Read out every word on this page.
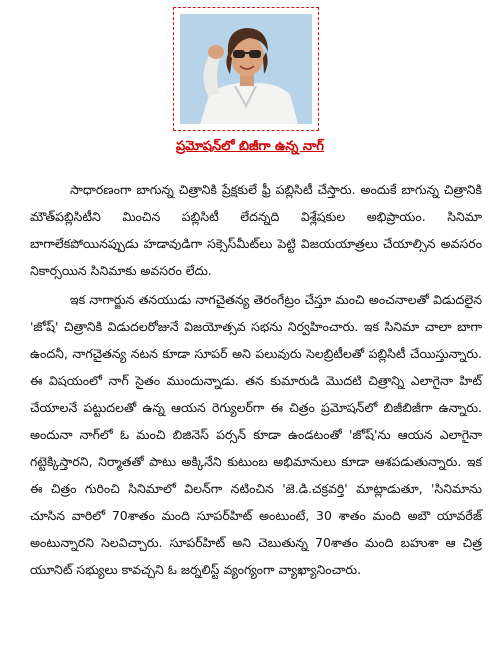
ప్రమోషన్‌లో బిజీగా ఉన్న నాగ్

సాధారణంగా బాగున్న చిత్రానికి ప్రేక్షకులే ఫ్రీ పబ్లిసిటీ చేస్తారు. అందుకే బాగున్న చిత్రానికి మౌత్‌పబ్లిసిటీని మించిన పబ్లిసిటీ లేదన్నది విశ్లేషకుల అభిప్రాయం. సినిమా బాగాలేకపోయినప్పుడు హడావుడిగా సక్సెస్‌మీట్‌లు పెట్టి విజయయాత్రలు చేయాల్సిన అవసరం నికార్సయిన సినిమాకు అవసరం లేదు.

ఇక నాగార్జున తనయుడు నాగచైతన్య తెరంగేట్రం చేస్తూ మంచి అంచనాలతో విడుదలైన 'జోష్' చిత్రానికి విడుదలరోజునే విజయోత్సవ సభను నిర్వహించారు. ఇక సినిమా చాలా బాగా ఉందనీ, నాగచైతన్య నటన కూడా సూపర్ అని పలువురు సెలబ్రిటీలతో పబ్లిసిటీ చేయిస్తున్నారు. ఈ విషయంలో నాగ్ సైతం ముందున్నాడు. తన కుమారుడి మొదటి చిత్రాన్ని ఎలాగైనా హిట్ చేయాలనే పట్టుదలతో ఉన్న ఆయన రెగ్యులర్‌గా ఈ చిత్రం ప్రమోషన్‌లో బిజీబిజీగా ఉన్నారు. అందునా నాగ్‌లో ఓ మంచి బిజినెస్ పర్సన్ కూడా ఉండటంతో 'జోష్'ను ఆయన ఎలాగైనా గట్టెక్కిస్తారని, నిర్మాతతో పాటు అక్కినేని కుటుంబ అభిమానులు కూడా ఆశపడుతున్నారు. ఇక ఈ చిత్రం గురించి సినిమాలో విలన్‌గా నటించిన 'జె.డి.చక్రవర్తి' మాట్లాడుతూ, 'సినిమాను చూసిన వారిలో 70శాతం మంది సూపర్‌హిట్ అంటుంటే, 30 శాతం మంది అబౌ యావరేజ్ అంటున్నారని సెలవిచ్చారు. సూపర్‌హిట్ అని చెబుతున్న 70శాతం మంది బహుశా ఆ చిత్ర యూనిట్ సభ్యులు కావచ్చని ఓ జర్నలిస్ట్ వ్యంగ్యంగా వ్యాఖ్యానించారు.
